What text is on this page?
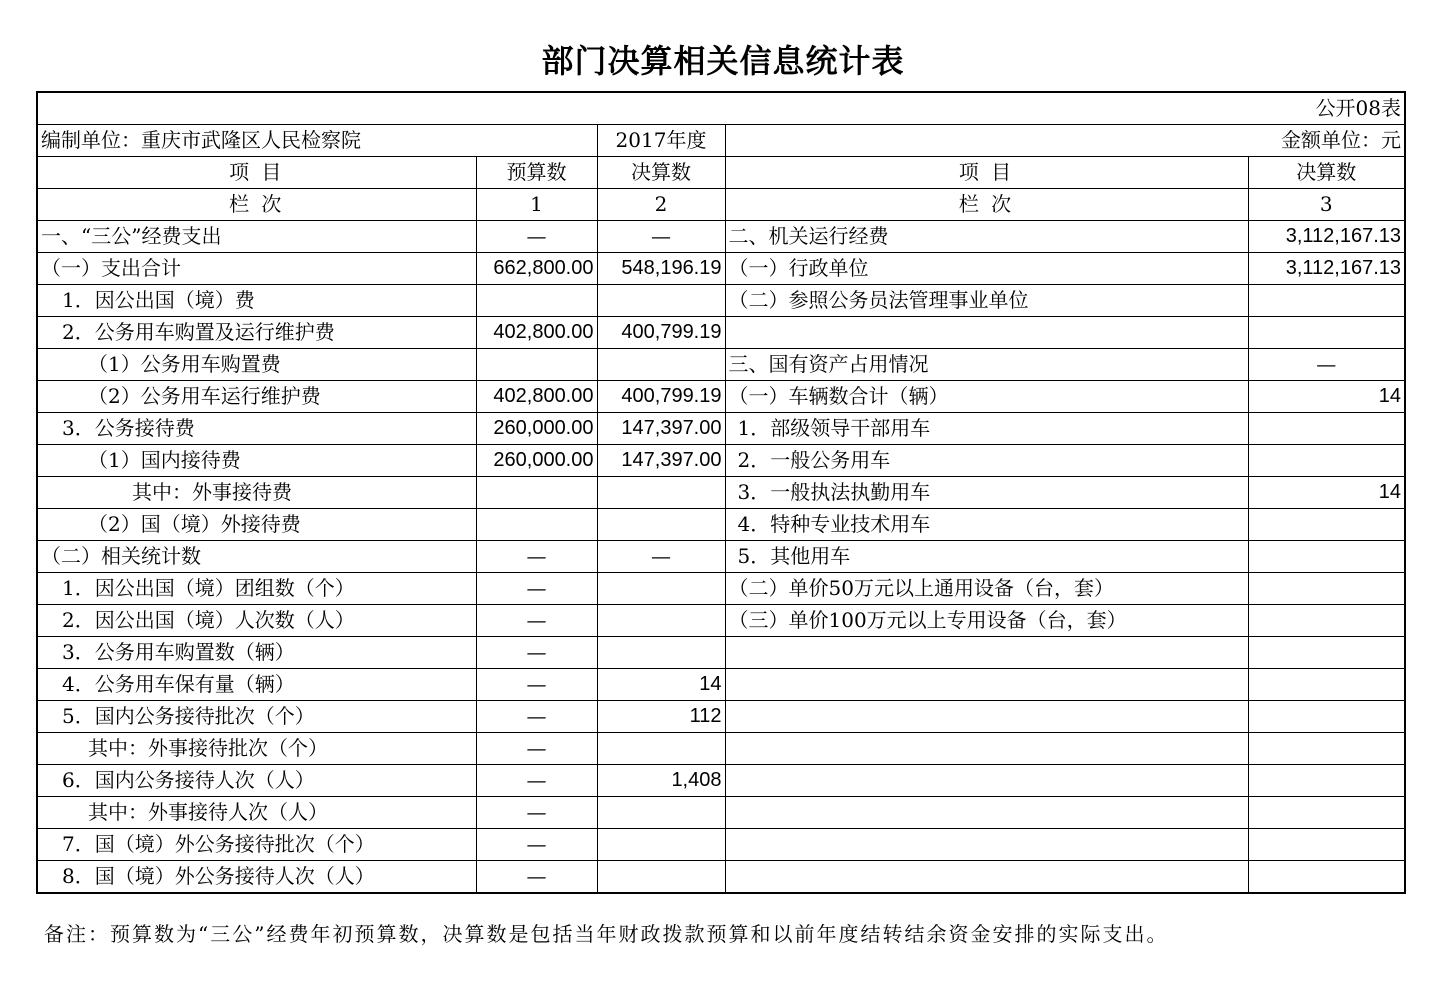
部门决算相关信息统计表
公开08表				
编制单位：重庆市武隆区人民检察院		2017年度	金额单位：元	
项 目	预算数	决算数	项 目	决算数
栏 次	1	2	栏 次	3
一、“三公”经费支出	—	—	二、机关运行经费	3,112,167.13
（一）支出合计	662,800.00	548,196.19	（一）行政单位	3,112,167.13
1．因公出国（境）费			（二）参照公务员法管理事业单位	
2．公务用车购置及运行维护费	402,800.00	400,799.19		
（1）公务用车购置费			三、国有资产占用情况	—
（2）公务用车运行维护费	402,800.00	400,799.19	（一）车辆数合计（辆）	14
3．公务接待费	260,000.00	147,397.00	1．部级领导干部用车	
（1）国内接待费	260,000.00	147,397.00	2．一般公务用车	
其中：外事接待费			3．一般执法执勤用车	14
（2）国（境）外接待费			4．特种专业技术用车	
（二）相关统计数	—	—	5．其他用车	
1．因公出国（境）团组数（个）	—		（二）单价50万元以上通用设备（台，套）	
2．因公出国（境）人次数（人）	—		（三）单价100万元以上专用设备（台，套）	
3．公务用车购置数（辆）	—			
4．公务用车保有量（辆）	—	14		
5．国内公务接待批次（个）	—	112		
其中：外事接待批次（个）	—			
6．国内公务接待人次（人）	—	1,408		
其中：外事接待人次（人）	—			
7．国（境）外公务接待批次（个）	—			
8．国（境）外公务接待人次（人）	—			
备注：预算数为“三公”经费年初预算数，决算数是包括当年财政拨款预算和以前年度结转结余资金安排的实际支出。
